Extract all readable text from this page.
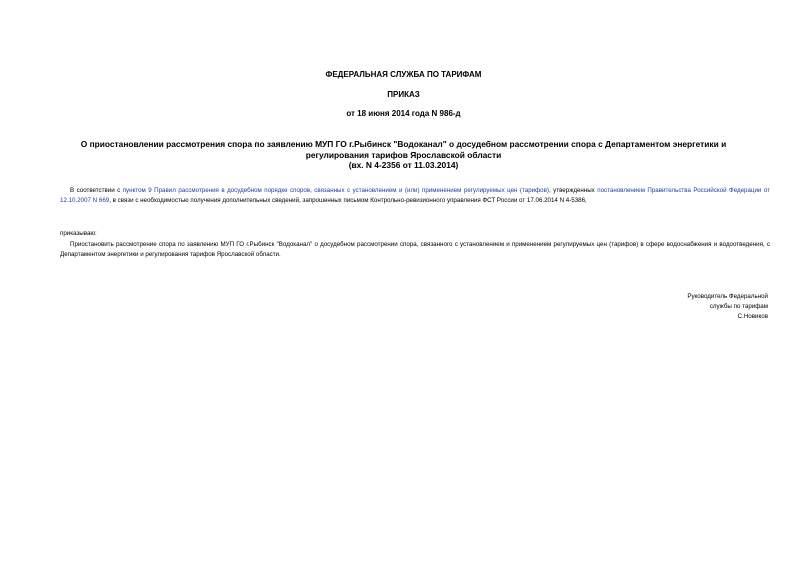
ФЕДЕРАЛЬНАЯ СЛУЖБА ПО ТАРИФАМ
ПРИКАЗ
от 18 июня 2014 года N 986-д
О приостановлении рассмотрения спора по заявлению МУП ГО г.Рыбинск "Водоканал" о досудебном рассмотрении спора с Департаментом энергетики и
регулирования тарифов Ярославской области
(вх. N 4-2356 от 11.03.2014)
В соответствии с пунктом 9 Правил рассмотрения в досудебном порядке споров, связанных с установлением и (или) применением регулируемых цен (тарифов), утвержденных постановлением Правительства Российской Федерации от 12.10.2007 N 669, в связи с необходимостью получения дополнительных сведений, запрошенных письмом Контрольно-ревизионного управления ФСТ России от 17.06.2014 N 4-5386,
приказываю:
Приостановить рассмотрение спора по заявлению МУП ГО г.Рыбинск "Водоканал" о досудебном рассмотрении спора, связанного с установлением и применением регулируемых цен (тарифов) в сфере водоснабжения и водоотведения, с Департаментом энергетики и регулирования тарифов Ярославской области.
Руководитель Федеральной
службы по тарифам
С.Новиков
